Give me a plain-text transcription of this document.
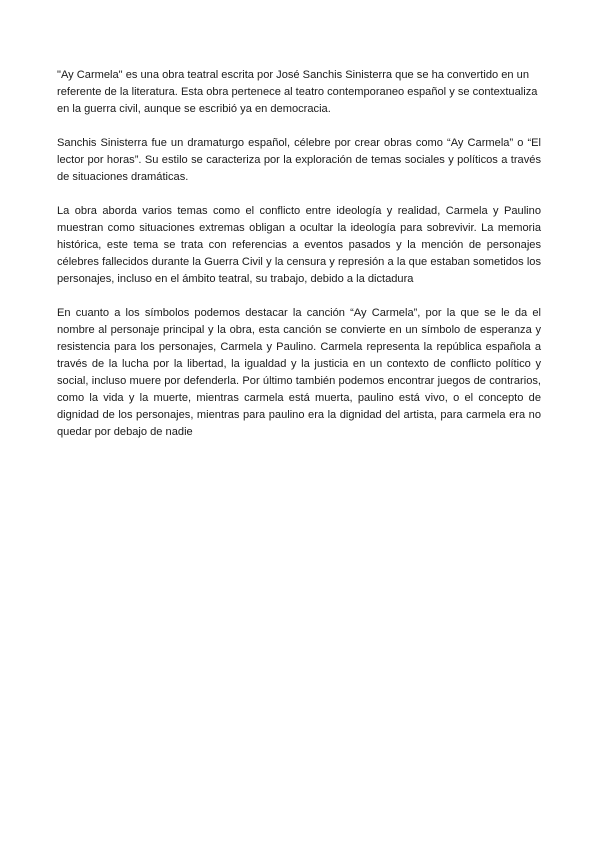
"Ay Carmela" es una obra teatral escrita por José Sanchis Sinisterra que se ha convertido en un referente de la literatura. Esta obra pertenece al teatro contemporaneo español y se contextualiza en la guerra civil, aunque se escribió ya en democracia.

Sanchis Sinisterra fue un dramaturgo español, célebre por crear obras como “Ay Carmela” o “El lector por horas”. Su estilo se caracteriza por la exploración de temas sociales y políticos a través de situaciones dramáticas.

La obra aborda varios temas como el conflicto entre ideología y realidad, Carmela y Paulino muestran como situaciones extremas obligan a ocultar la ideología para sobrevivir. La memoria histórica, este tema se trata con referencias a eventos pasados y la mención de personajes célebres fallecidos durante la Guerra Civil y la censura y represión a la que estaban sometidos los personajes, incluso en el ámbito teatral, su trabajo, debido a la dictadura

En cuanto a los símbolos podemos destacar la canción “Ay Carmela”, por la que se le da el nombre al personaje principal y la obra, esta canción se convierte en un símbolo de esperanza y resistencia para los personajes, Carmela y Paulino. Carmela representa la república española a través de la lucha por la libertad, la igualdad y la justicia en un contexto de conflicto político y social, incluso muere por defenderla. Por último también podemos encontrar juegos de contrarios, como la vida y la muerte, mientras carmela está muerta, paulino está vivo, o el concepto de dignidad de los personajes, mientras para paulino era la dignidad del artista, para carmela era no quedar por debajo de nadie
